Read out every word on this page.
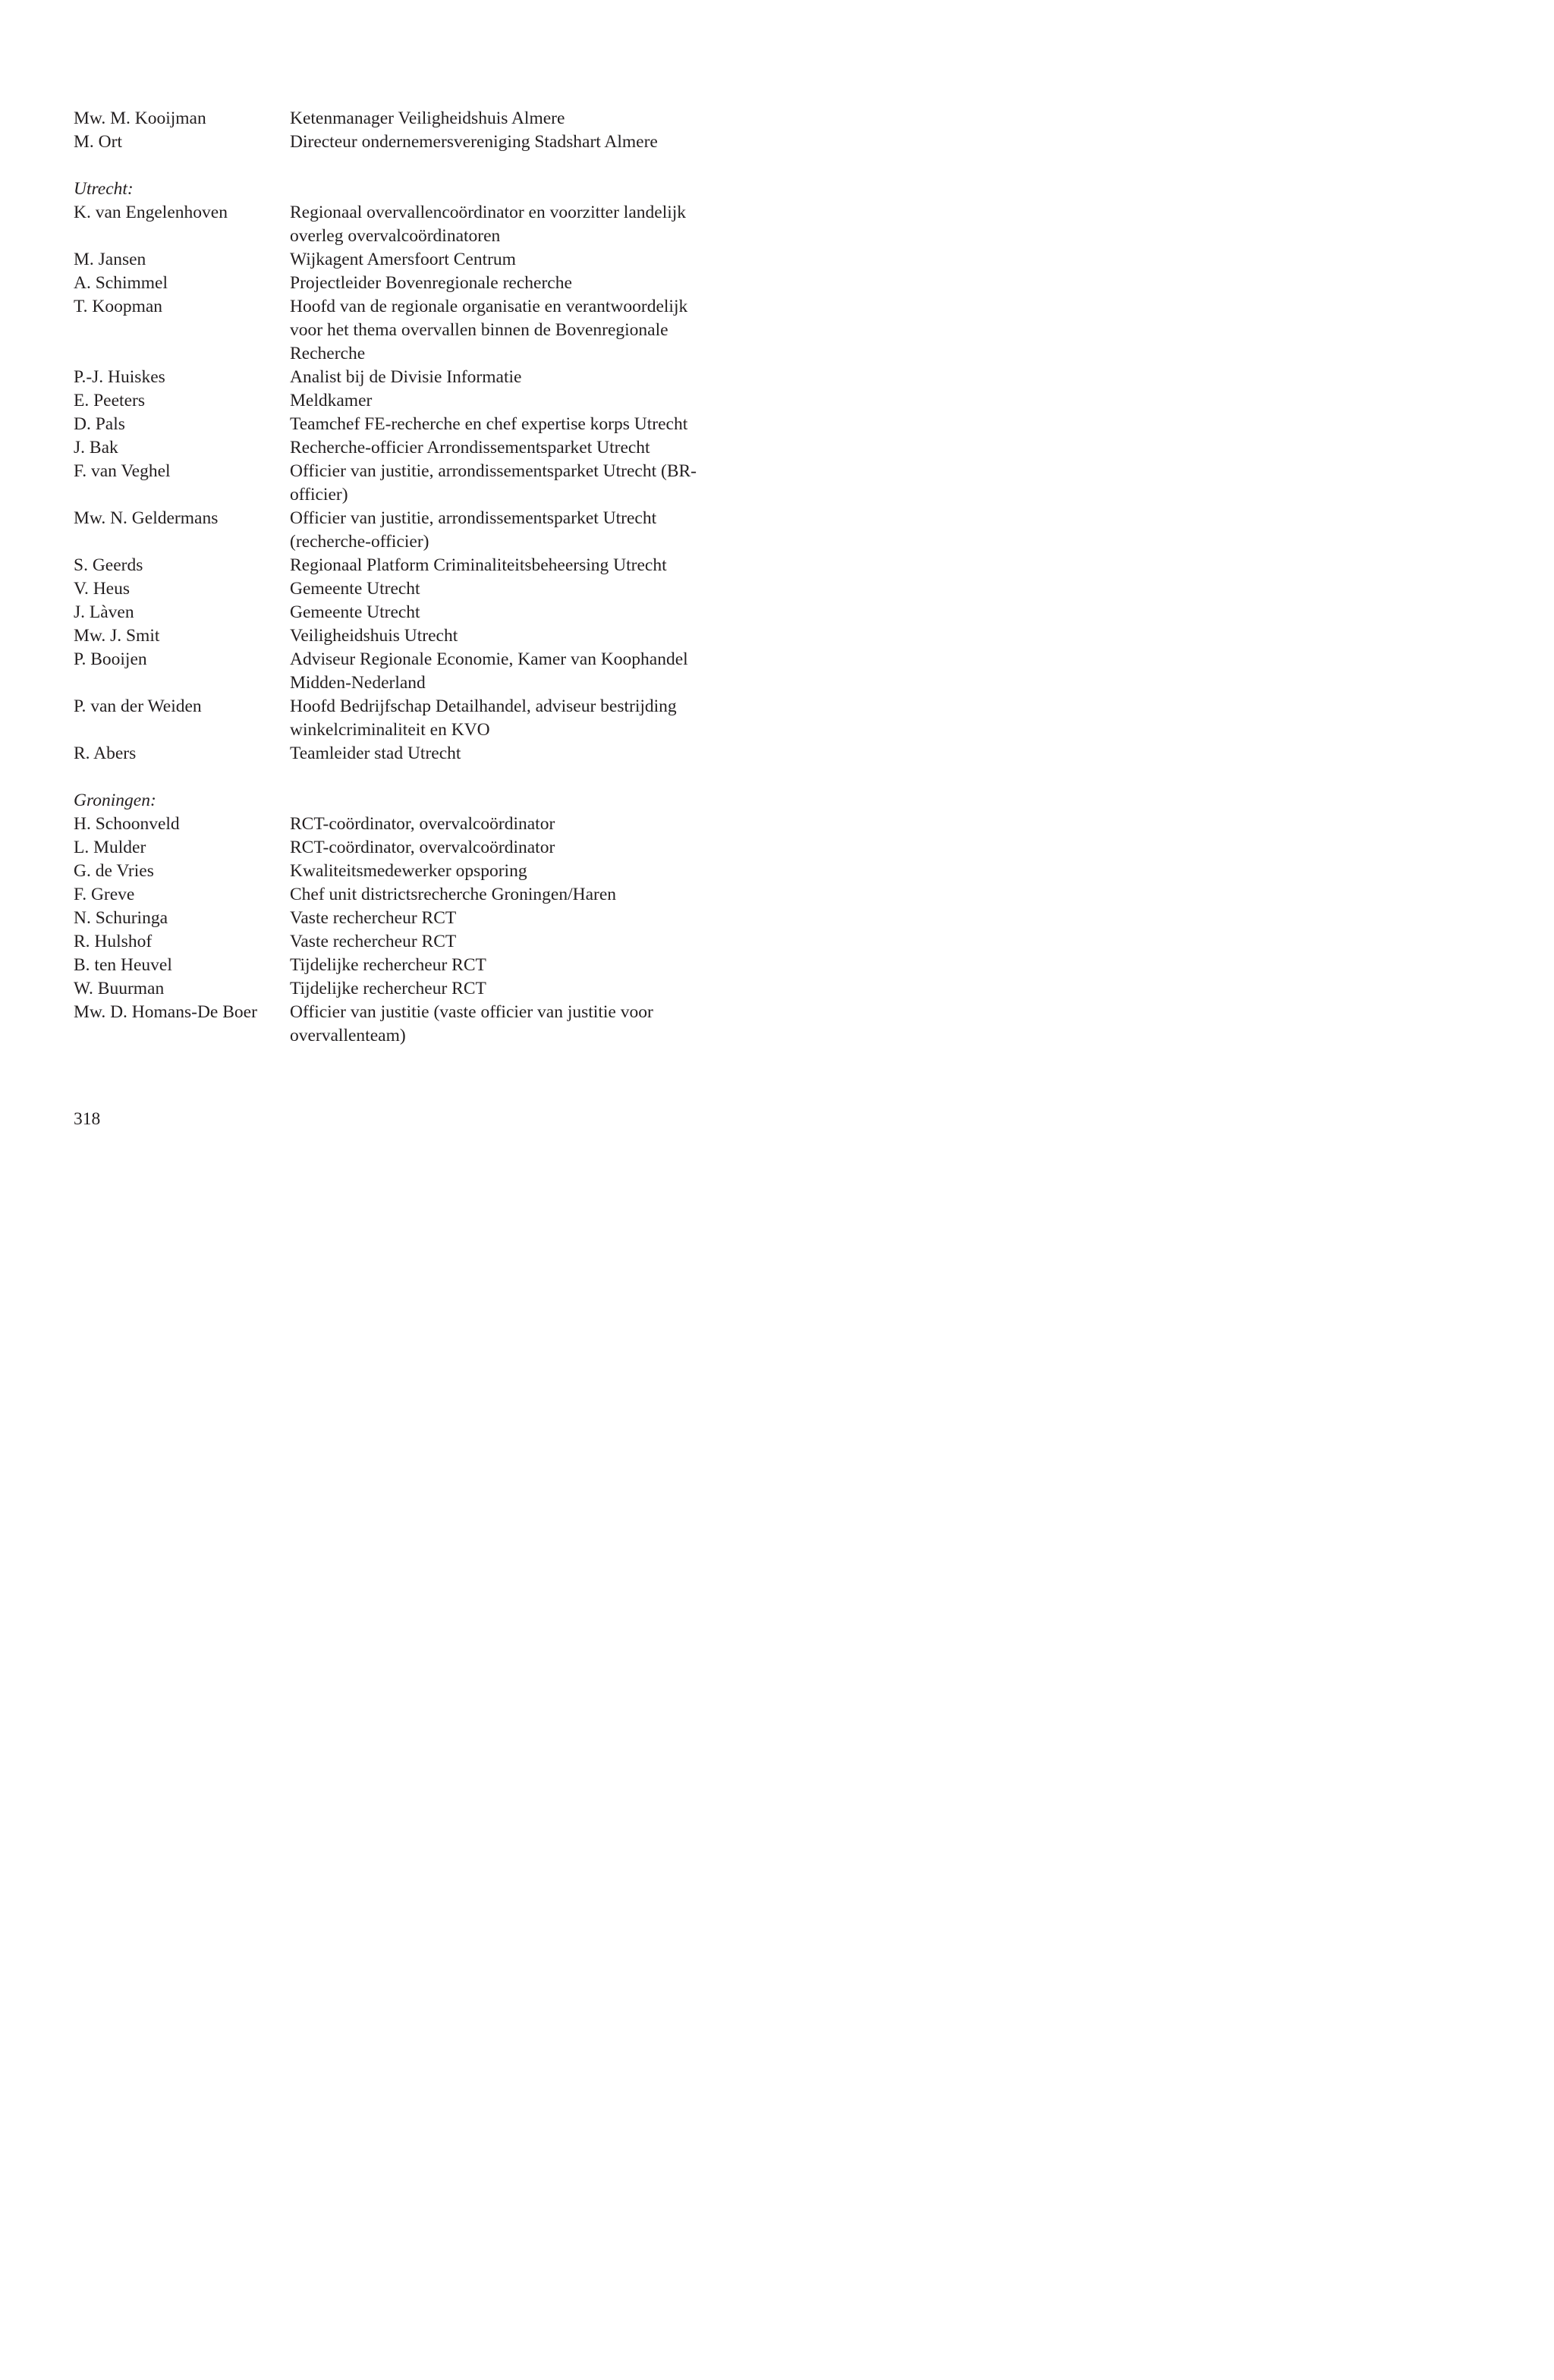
Mw. M. Kooijman	Ketenmanager Veiligheidshuis Almere
M. Ort	Directeur ondernemersvereniging Stadshart Almere
Utrecht:
K. van Engelenhoven	Regionaal overvallencoördinator en voorzitter landelijk overleg overvalcoördinatoren
M. Jansen	Wijkagent Amersfoort Centrum
A. Schimmel	Projectleider Bovenregionale recherche
T. Koopman	Hoofd van de regionale organisatie en verantwoordelijk voor het thema overvallen binnen de Bovenregionale Recherche
P.-J. Huiskes	Analist bij de Divisie Informatie
E. Peeters	Meldkamer
D. Pals	Teamchef FE-recherche en chef expertise korps Utrecht
J. Bak	Recherche-officier Arrondissementsparket Utrecht
F. van Veghel	Officier van justitie, arrondissementsparket Utrecht (BR-officier)
Mw. N. Geldermans	Officier van justitie, arrondissementsparket Utrecht (recherche-officier)
S. Geerds	Regionaal Platform Criminaliteitsbeheersing Utrecht
V. Heus	Gemeente Utrecht
J. Làven	Gemeente Utrecht
Mw. J. Smit	Veiligheidshuis Utrecht
P. Booijen	Adviseur Regionale Economie, Kamer van Koophandel Midden-Nederland
P. van der Weiden	Hoofd Bedrijfschap Detailhandel, adviseur bestrijding winkelcriminaliteit en KVO
R. Abers	Teamleider stad Utrecht
Groningen:
H. Schoonveld	RCT-coördinator, overvalcoördinator
L. Mulder	RCT-coördinator, overvalcoördinator
G. de Vries	Kwaliteitsmedewerker opsporing
F. Greve	Chef unit districtsrecherche Groningen/Haren
N. Schuringa	Vaste rechercheur RCT
R. Hulshof	Vaste rechercheur RCT
B. ten Heuvel	Tijdelijke rechercheur RCT
W. Buurman	Tijdelijke rechercheur RCT
Mw. D. Homans-De Boer	Officier van justitie (vaste officier van justitie voor overvallenteam)
318
